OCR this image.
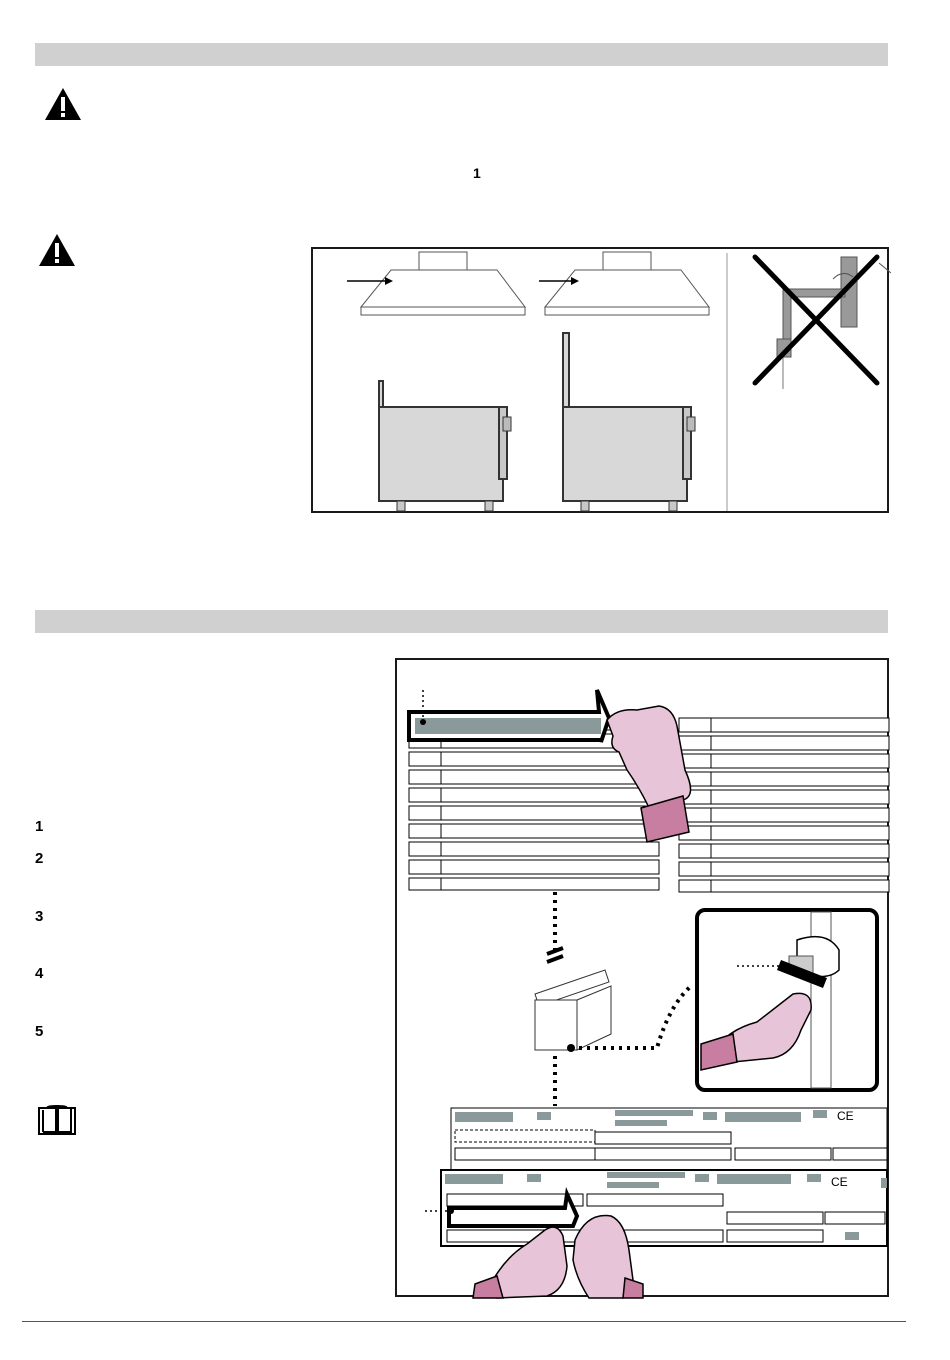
1
1
2
3
4
5
CE
CE
